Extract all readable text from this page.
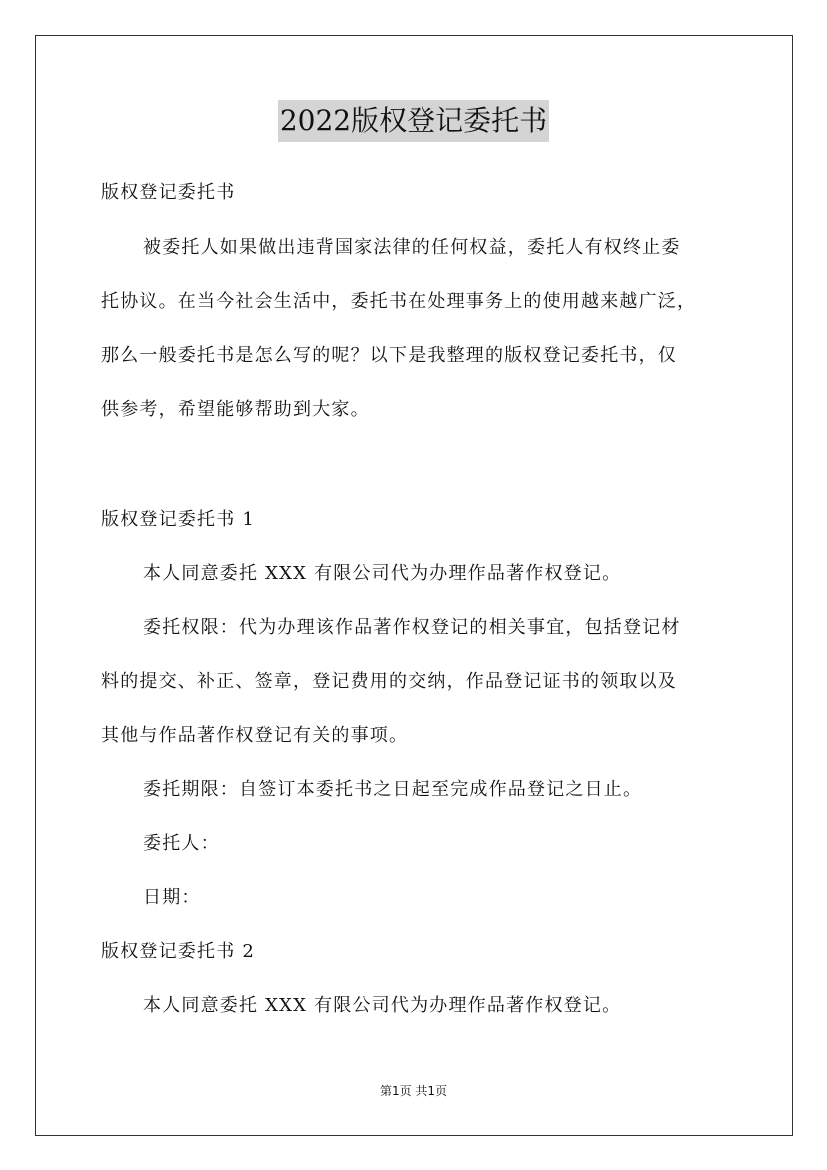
2022版权登记委托书
版权登记委托书
被委托人如果做出违背国家法律的任何权益，委托人有权终止委
托协议。在当今社会生活中，委托书在处理事务上的使用越来越广泛，
那么一般委托书是怎么写的呢？以下是我整理的版权登记委托书，仅
供参考，希望能够帮助到大家。
版权登记委托书 1
本人同意委托 XXX 有限公司代为办理作品著作权登记。
委托权限：代为办理该作品著作权登记的相关事宜，包括登记材
料的提交、补正、签章，登记费用的交纳，作品登记证书的领取以及
其他与作品著作权登记有关的事项。
委托期限：自签订本委托书之日起至完成作品登记之日止。
委托人：
日期：
版权登记委托书 2
本人同意委托 XXX 有限公司代为办理作品著作权登记。
第1页 共1页
